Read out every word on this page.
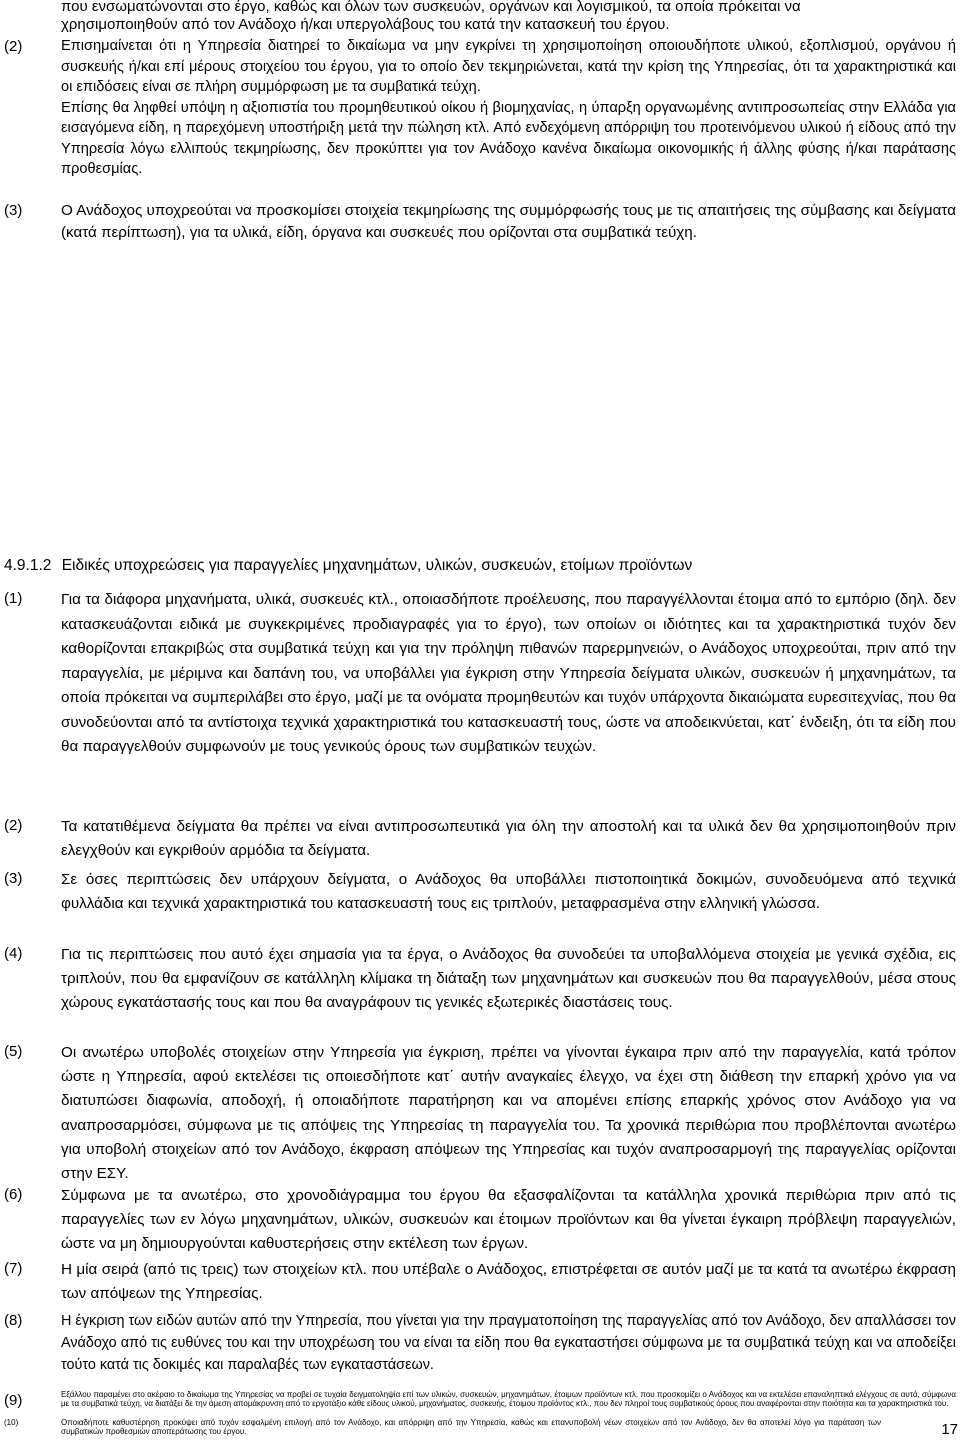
που ενσωματώνονται στο έργο, καθώς και όλων των συσκευών, οργάνων και λογισμικού, τα οποία πρόκειται να
χρησιμοποιηθούν από τον Ανάδοχο ή/και υπεργολάβους του κατά την κατασκευή του έργου.
(2)	Επισημαίνεται ότι η Υπηρεσία διατηρεί το δικαίωμα να μην εγκρίνει τη χρησιμοποίηση οποιουδήποτε υλικού, εξοπλισμού, οργάνου ή συσκευής ή/και επί μέρους στοιχείου του έργου, για το οποίο δεν τεκμηριώνεται, κατά την κρίση της Υπηρεσίας, ότι τα χαρακτηριστικά και οι επιδόσεις είναι σε πλήρη συμμόρφωση με τα συμβατικά τεύχη.

Επίσης θα ληφθεί υπόψη η αξιοπιστία του προμηθευτικού οίκου ή βιομηχανίας, η ύπαρξη οργανωμένης αντιπροσωπείας στην Ελλάδα για εισαγόμενα είδη, η παρεχόμενη υποστήριξη μετά την πώληση κτλ. Από ενδεχόμενη απόρριψη του προτεινόμενου υλικού ή είδους από την Υπηρεσία λόγω ελλιπούς τεκμηρίωσης, δεν προκύπτει για τον Ανάδοχο κανένα δικαίωμα οικονομικής ή άλλης φύσης ή/και παράτασης προθεσμίας.

(3)	Ο Ανάδοχος υποχρεούται να προσκομίσει στοιχεία τεκμηρίωσης της συμμόρφωσής τους με τις απαιτήσεις της σύμβασης και δείγματα (κατά περίπτωση), για τα υλικά, είδη, όργανα και συσκευές που ορίζονται στα συμβατικά τεύχη.

4.9.1.2 Ειδικές υποχρεώσεις για παραγγελίες μηχανημάτων, υλικών, συσκευών, ετοίμων προϊόντων
(1)	Για τα διάφορα μηχανήματα, υλικά, συσκευές κτλ., οποιασδήποτε προέλευσης, που παραγγέλλονται έτοιμα από το εμπόριο (δηλ. δεν κατασκευάζονται ειδικά με συγκεκριμένες προδιαγραφές για το έργο), των οποίων οι ιδιότητες και τα χαρακτηριστικά τυχόν δεν καθορίζονται επακριβώς στα συμβατικά τεύχη και για την πρόληψη πιθανών παρερμηνειών, ο Ανάδοχος υποχρεούται, πριν από την παραγγελία, με μέριμνα και δαπάνη του, να υποβάλλει για έγκριση στην Υπηρεσία δείγματα υλικών, συσκευών ή μηχανημάτων, τα οποία πρόκειται να συμπεριλάβει στο έργο, μαζί με τα ονόματα προμηθευτών και τυχόν υπάρχοντα δικαιώματα ευρεσιτεχνίας, που θα συνοδεύονται από τα αντίστοιχα τεχνικά χαρακτηριστικά του κατασκευαστή τους, ώστε να αποδεικνύεται, κατ΄ ένδειξη, ότι τα είδη που θα παραγγελθούν συμφωνούν με τους γενικούς όρους των συμβατικών τευχών.
(2)	Τα κατατιθέμενα δείγματα θα πρέπει να είναι αντιπροσωπευτικά για όλη την αποστολή και τα υλικά δεν θα χρησιμοποιηθούν πριν ελεγχθούν και εγκριθούν αρμόδια τα δείγματα.
(3)	Σε όσες περιπτώσεις δεν υπάρχουν δείγματα, ο Ανάδοχος θα υποβάλλει πιστοποιητικά δοκιμών, συνοδευόμενα από τεχνικά φυλλάδια και τεχνικά χαρακτηριστικά του κατασκευαστή τους εις τριπλούν, μεταφρασμένα στην ελληνική γλώσσα.
(4)	Για τις περιπτώσεις που αυτό έχει σημασία για τα έργα, ο Ανάδοχος θα συνοδεύει τα υποβαλλόμενα στοιχεία με γενικά σχέδια, εις τριπλούν, που θα εμφανίζουν σε κατάλληλη κλίμακα τη διάταξη των μηχανημάτων και συσκευών που θα παραγγελθούν, μέσα στους χώρους εγκατάστασής τους και που θα αναγράφουν τις γενικές εξωτερικές διαστάσεις τους.
(5)	Οι ανωτέρω υποβολές στοιχείων στην Υπηρεσία για έγκριση, πρέπει να γίνονται έγκαιρα πριν από την παραγγελία, κατά τρόπον ώστε η Υπηρεσία, αφού εκτελέσει τις οποιεσδήποτε κατ΄ αυτήν αναγκαίες έλεγχο, να έχει στη διάθεση την επαρκή χρόνο για να διατυπώσει διαφωνία, αποδοχή, ή οποιαδήποτε παρατήρηση και να απομένει επίσης επαρκής χρόνος στον Ανάδοχο για να αναπροσαρμόσει, σύμφωνα με τις απόψεις της Υπηρεσίας τη παραγγελία του. Τα χρονικά περιθώρια που προβλέπονται ανωτέρω για υποβολή στοιχείων από τον Ανάδοχο, έκφραση απόψεων της Υπηρεσίας και τυχόν αναπροσαρμογή της παραγγελίας ορίζονται στην ΕΣΥ.
(6)	Σύμφωνα με τα ανωτέρω, στο χρονοδιάγραμμα του έργου θα εξασφαλίζονται τα κατάλληλα χρονικά περιθώρια πριν από τις παραγγελίες των εν λόγω μηχανημάτων, υλικών, συσκευών και έτοιμων προϊόντων και θα γίνεται έγκαιρη πρόβλεψη παραγγελιών, ώστε να μη δημιουργούνται καθυστερήσεις στην εκτέλεση των έργων.
(7)	Η μία σειρά (από τις τρεις) των στοιχείων κτλ. που υπέβαλε ο Ανάδοχος, επιστρέφεται σε αυτόν μαζί με τα κατά τα ανωτέρω έκφραση των απόψεων της Υπηρεσίας.
(8)	Η έγκριση των ειδών αυτών από την Υπηρεσία, που γίνεται για την πραγματοποίηση της παραγγελίας από τον Ανάδοχο, δεν απαλλάσσει τον Ανάδοχο από τις ευθύνες του και την υποχρέωση του να είναι τα είδη που θα εγκαταστήσει σύμφωνα με τα συμβατικά τεύχη και να αποδείξει τούτο κατά τις δοκιμές και παραλαβές των εγκαταστάσεων.
(9)	Εξάλλου παραμένει στο ακέραιο το δικαίωμα της Υπηρεσίας να προβεί σε τυχαία δειγματοληψία επί των υλικών, συσκευών, μηχανημάτων, έτοιμων προϊόντων κτλ. που προσκομίζει ο Ανάδοχος και να εκτελέσει επαναληπτικά ελέγχους σε αυτά, σύμφωνα με τα συμβατικά τεύχη, να διατάξει δε την άμεση απομάκρυνση από το εργοτάξιο κάθε είδους υλικού, μηχανήματος, συσκευής, έτοιμου προϊόντος κτλ., που δεν πληροί τους συμβατικούς όρους που αναφέρονται στην ποιότητα και τα χαρακτηριστικά του.
(10)	Οποιαδήποτε καθυστέρηση προκύψει από τυχόν εσφαλμένη επιλογή από τον Ανάδοχο, και απόρριψη από την Υπηρεσία, καθώς και επανυποβολή νέων στοιχείων από τον Ανάδοχο, δεν θα αποτελεί λόγο για παράταση των συμβατικών προθεσμιών αποπεράτωσης του έργου.	17
